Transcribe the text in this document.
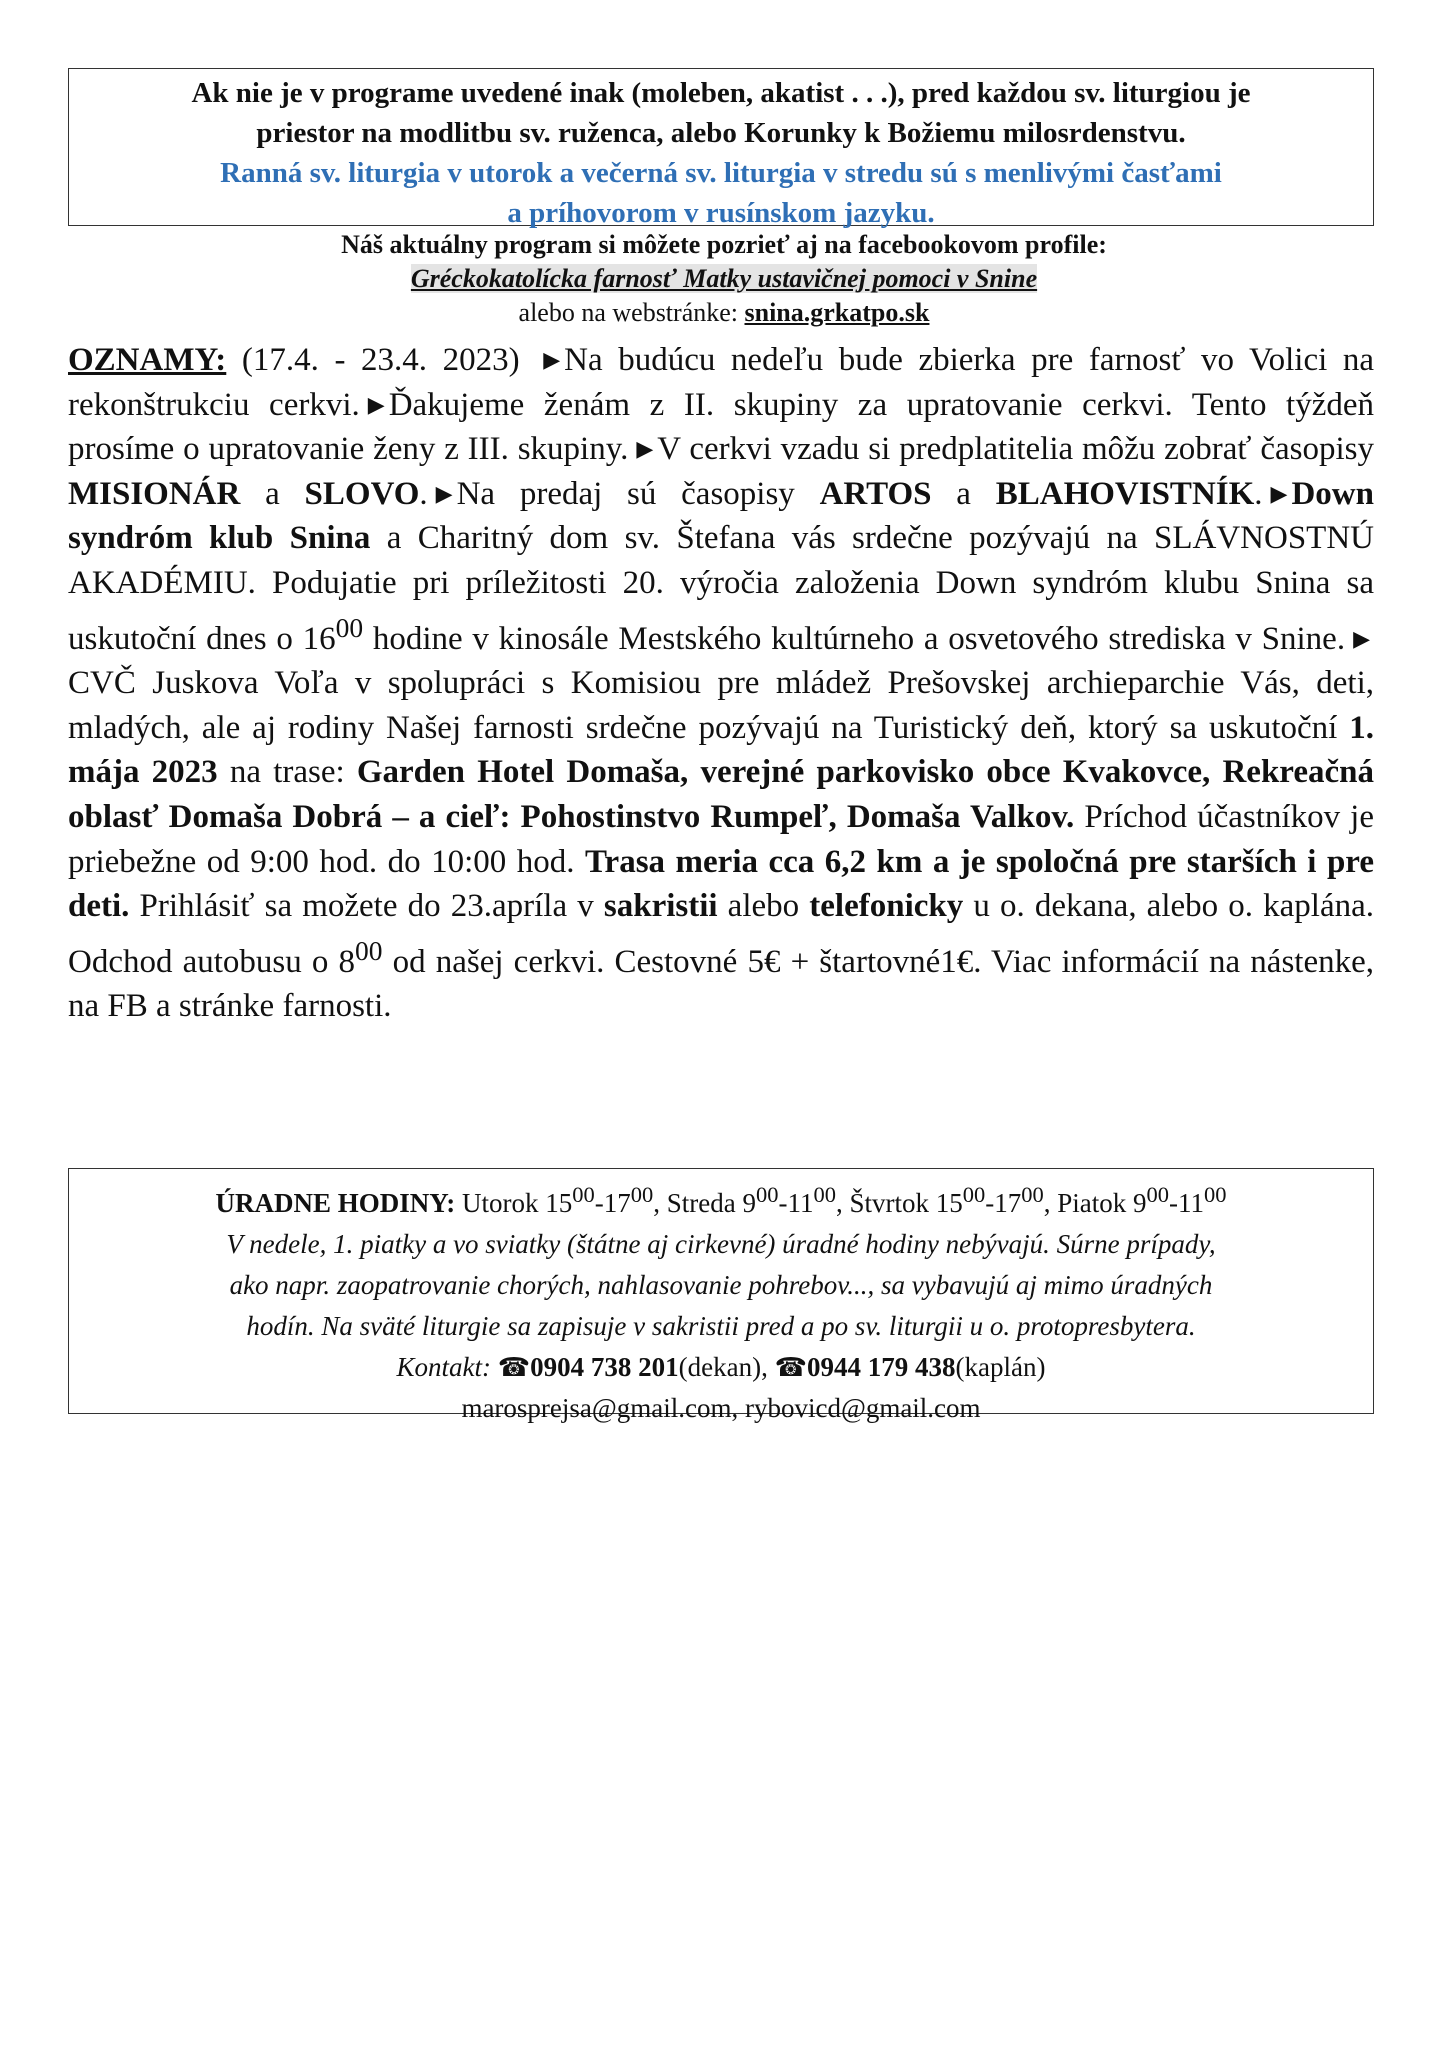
Ak nie je v programe uvedené inak (moleben, akatist . . .), pred každou sv. liturgiou je
priestor na modlitbu sv. ruženca, alebo Korunky k Božiemu milosrdenstvu.
Ranná sv. liturgia v utorok a večerná sv. liturgia v stredu sú s menlivými časťami
a príhovorom v rusínskom jazyku.
Náš aktuálny program si môžete pozrieť aj na facebookovom profile:
Gréckokatolícka farnosť Matky ustavičnej pomoci v Snine
alebo na webstránke: snina.grkatpo.sk
OZNAMY: (17.4. - 23.4. 2023) ▶ Na budúcu nedeľu bude zbierka pre farnosť vo Volici na rekonštrukciu cerkvi. ▶ Ďakujeme ženám z II. skupiny za upratovanie cerkvi. Tento týždeň prosíme o upratovanie ženy z III. skupiny. ▶ V cerkvi vzadu si predplatitelia môžu zobrať časopisy MISIONÁR a SLOVO. ▶ Na predaj sú časopisy ARTOS a BLAHOVISTNÍK. ▶ Down syndróm klub Snina a Charitný dom sv. Štefana vás srdečne pozývajú na SLÁVNOSTNÚ AKADÉMIU. Podujatie pri príležitosti 20. výročia založenia Down syndróm klubu Snina sa uskutoční dnes o $16^{00}$ hodine v kinosále Mestského kultúrneho a osvetového strediska v Snine. ▶CVČ Juskova Voľa v spolupráci s Komisiou pre mládež Prešovskej archieparchie Vás, deti, mladých, ale aj rodiny Našej farnosti srdečne pozývajú na Turistický deň, ktorý sa uskutoční 1. mája 2023 na trase: Garden Hotel Domaša, verejné parkovisko obce Kvakovce, Rekreačná oblasť Domaša Dobrá – a cieľ: Pohostinstvo Rumpeľ, Domaša Valkov. Príchod účastníkov je priebežne od 9:00 hod. do 10:00 hod. Trasa meria cca 6,2 km a je spoločná pre starších i pre deti. Prihlásiť sa možete do 23.apríla v sakristii alebo telefonicky u o. dekana, alebo o. kaplána. Odchod autobusu o $8^{00}$ od našej cerkvi. Cestovné 5€ + štartovné1€. Viac informácií na nástenke, na FB a stránke farnosti.
ÚRADNE HODINY: Utorok $15^{00}-17^{00}$, Streda $9^{00}-11^{00}$, Štvrtok $15^{00}-17^{00}$, Piatok $9^{00}-11^{00}$
V nedele, 1. piatky a vo sviatky (štátne aj cirkevné) úradné hodiny nebývajú. Súrne prípady,
ako napr. zaopatrovanie chorých, nahlasovanie pohrebov..., sa vybavujú aj mimo úradných
hodín. Na sväté liturgie sa zapisuje v sakristii pred a po sv. liturgii u o. protopresbytera.
Kontakt: ☎0904 738 201(dekan), ☎0944 179 438(kaplán)
marosprejsa@gmail.com, rybovicd@gmail.com
